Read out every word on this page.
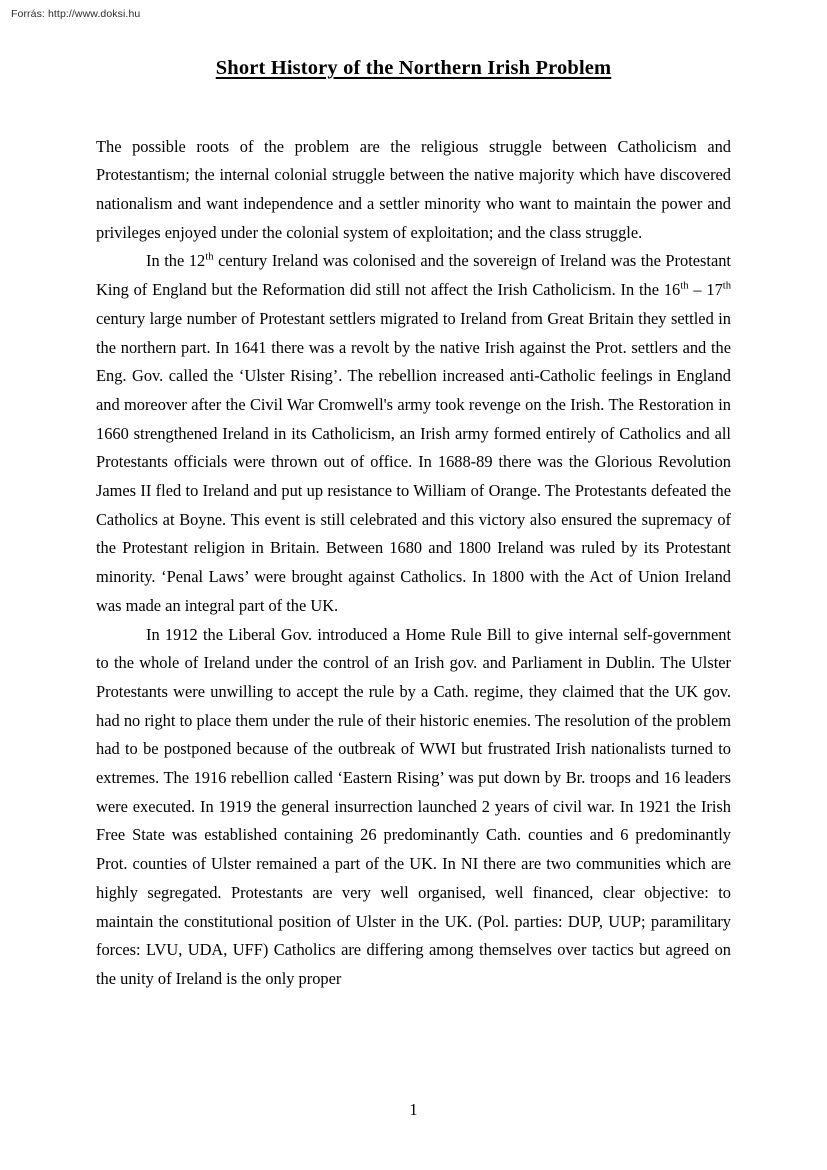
Forrás: http://www.doksi.hu
Short History of the Northern Irish Problem

The possible roots of the problem are the religious struggle between Catholicism and Protestantism; the internal colonial struggle between the native majority which have discovered nationalism and want independence and a settler minority who want to maintain the power and privileges enjoyed under the colonial system of exploitation; and the class struggle.

In the 12th century Ireland was colonised and the sovereign of Ireland was the Protestant King of England but the Reformation did still not affect the Irish Catholicism. In the 16th – 17th century large number of Protestant settlers migrated to Ireland from Great Britain they settled in the northern part. In 1641 there was a revolt by the native Irish against the Prot. settlers and the Eng. Gov. called the ‘Ulster Rising’. The rebellion increased anti-Catholic feelings in England and moreover after the Civil War Cromwell's army took revenge on the Irish. The Restoration in 1660 strengthened Ireland in its Catholicism, an Irish army formed entirely of Catholics and all Protestants officials were thrown out of office. In 1688-89 there was the Glorious Revolution James II fled to Ireland and put up resistance to William of Orange. The Protestants defeated the Catholics at Boyne. This event is still celebrated and this victory also ensured the supremacy of the Protestant religion in Britain. Between 1680 and 1800 Ireland was ruled by its Protestant minority. ‘Penal Laws’ were brought against Catholics. In 1800 with the Act of Union Ireland was made an integral part of the UK.

In 1912 the Liberal Gov. introduced a Home Rule Bill to give internal self-government to the whole of Ireland under the control of an Irish gov. and Parliament in Dublin. The Ulster Protestants were unwilling to accept the rule by a Cath. regime, they claimed that the UK gov. had no right to place them under the rule of their historic enemies. The resolution of the problem had to be postponed because of the outbreak of WWI but frustrated Irish nationalists turned to extremes. The 1916 rebellion called ‘Eastern Rising’ was put down by Br. troops and 16 leaders were executed. In 1919 the general insurrection launched 2 years of civil war. In 1921 the Irish Free State was established containing 26 predominantly Cath. counties and 6 predominantly Prot. counties of Ulster remained a part of the UK. In NI there are two communities which are highly segregated. Protestants are very well organised, well financed, clear objective: to maintain the constitutional position of Ulster in the UK. (Pol. parties: DUP, UUP; paramilitary forces: LVU, UDA, UFF) Catholics are differing among themselves over tactics but agreed on the unity of Ireland is the only proper

1
